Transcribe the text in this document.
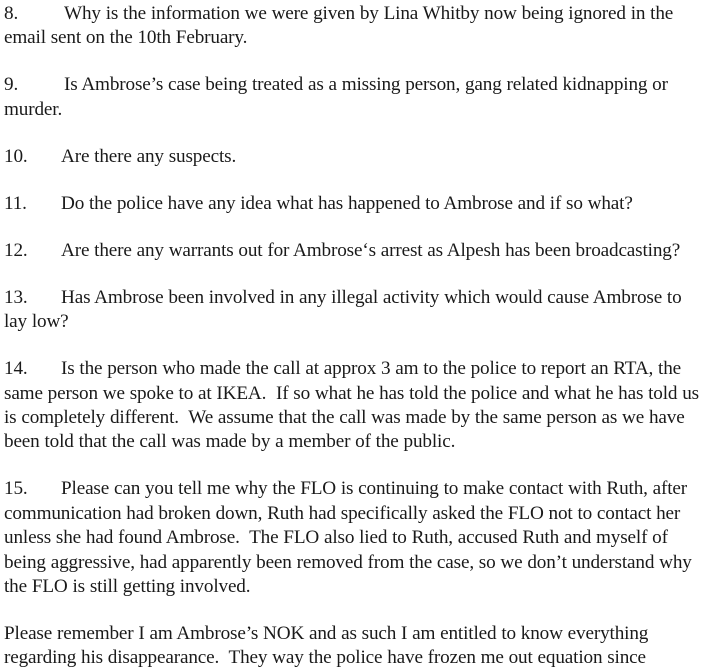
8. Why is the information we were given by Lina Whitby now being ignored in the email sent on the 10th February.

9. Is Ambrose’s case being treated as a missing person, gang related kidnapping or murder.

10. Are there any suspects.

11. Do the police have any idea what has happened to Ambrose and if so what?

12. Are there any warrants out for Ambrose‘s arrest as Alpesh has been broadcasting?

13. Has Ambrose been involved in any illegal activity which would cause Ambrose to lay low?

14. Is the person who made the call at approx 3 am to the police to report an RTA, the same person we spoke to at IKEA.  If so what he has told the police and what he has told us is completely different.  We assume that the call was made by the same person as we have been told that the call was made by a member of the public.

15. Please can you tell me why the FLO is continuing to make contact with Ruth, after communication had broken down, Ruth had specifically asked the FLO not to contact her unless she had found Ambrose.  The FLO also lied to Ruth, accused Ruth and myself of being aggressive, had apparently been removed from the case, so we don’t understand why the FLO is still getting involved.

Please remember I am Ambrose’s NOK and as such I am entitled to know everything regarding his disappearance.  They way the police have frozen me out equation since
